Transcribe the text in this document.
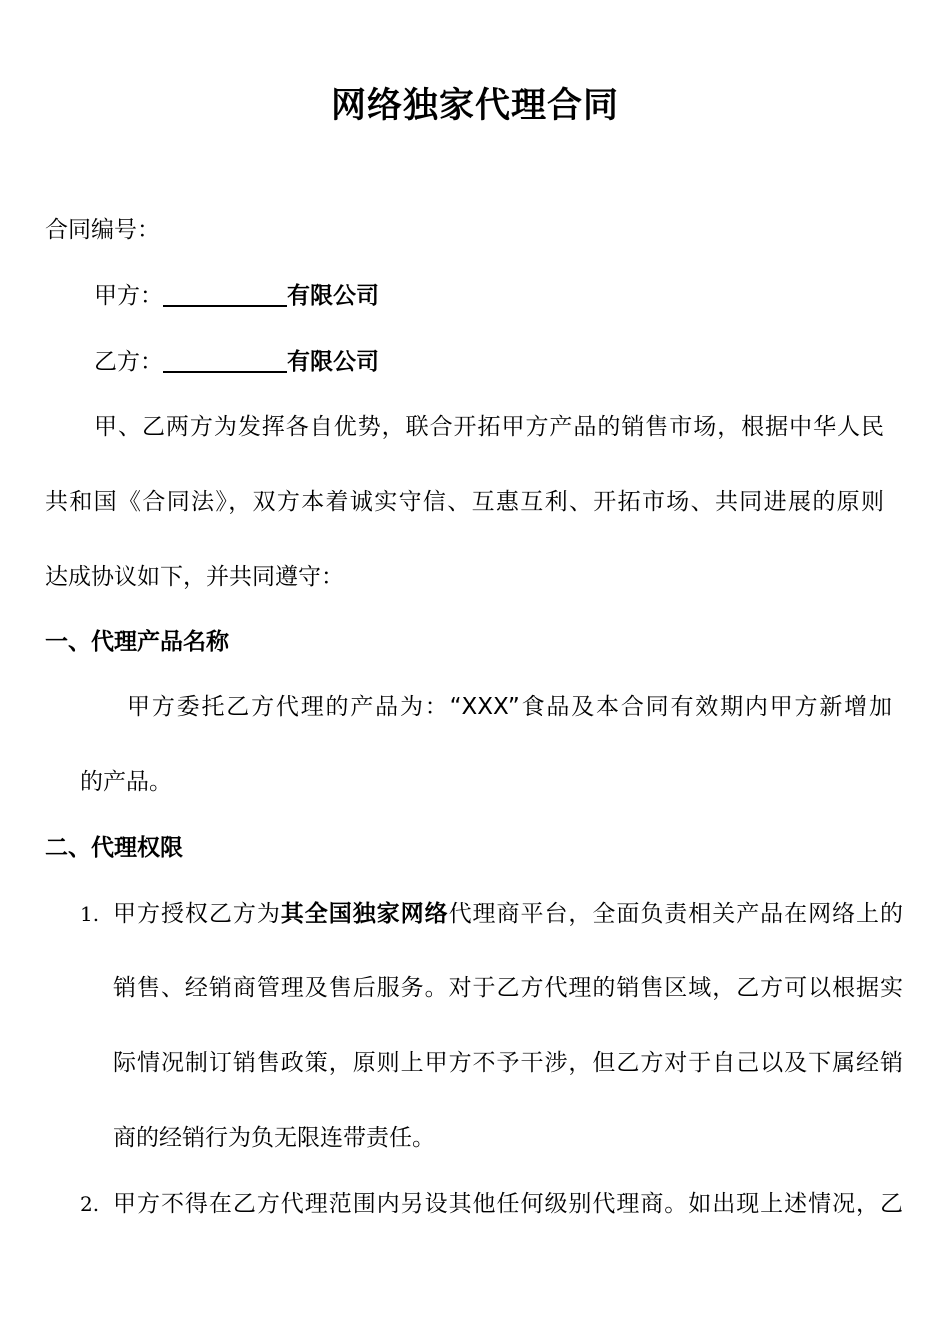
网络独家代理合同
合同编号：
甲方：	有限公司
乙方：	有限公司
甲、乙两方为发挥各自优势，联合开拓甲方产品的销售市场，根据中华人民
共和国《合同法》，双方本着诚实守信、互惠互利、开拓市场、共同进展的原则
达成协议如下，并共同遵守：
一、代理产品名称
甲方委托乙方代理的产品为：“XXX”食品及本合同有效期内甲方新增加
的产品。
二、代理权限
1. 甲方授权乙方为其全国独家网络代理商平台，全面负责相关产品在网络上的
销售、经销商管理及售后服务。对于乙方代理的销售区域，乙方可以根据实
际情况制订销售政策，原则上甲方不予干涉，但乙方对于自己以及下属经销
商的经销行为负无限连带责任。
2. 甲方不得在乙方代理范围内另设其他任何级别代理商。如出现上述情况，乙
